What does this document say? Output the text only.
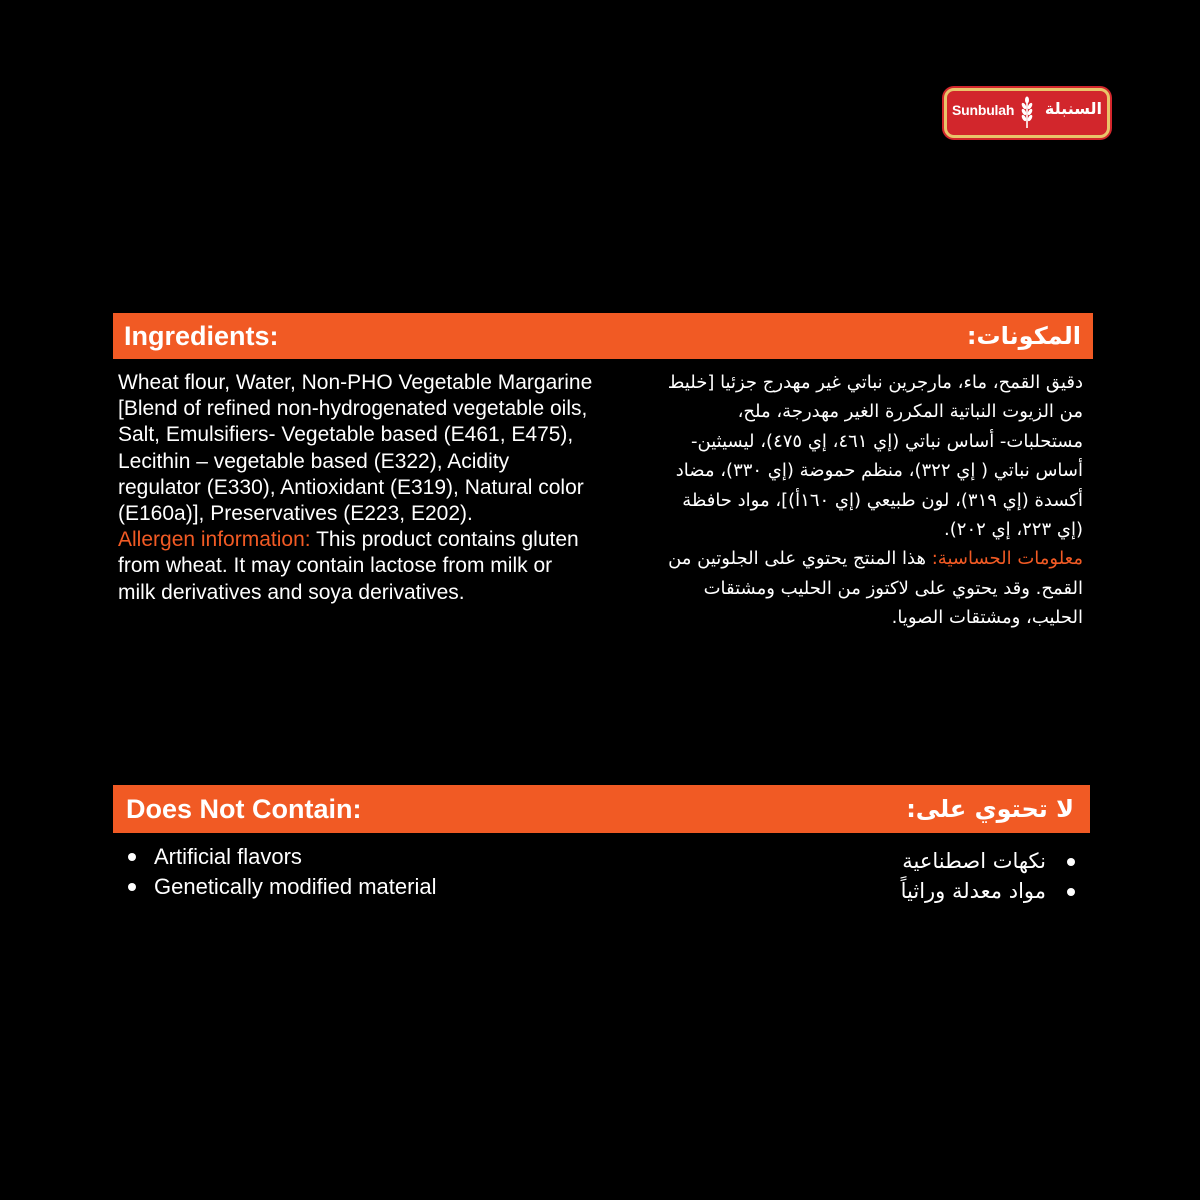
Sunbulah السنبلة
Ingredients:	المكونات:

Wheat flour, Water, Non-PHO Vegetable Margarine [Blend of refined non-hydrogenated vegetable oils, Salt, Emulsifiers- Vegetable based (E461, E475), Lecithin – vegetable based (E322), Acidity regulator (E330), Antioxidant (E319), Natural color (E160a)], Preservatives (E223, E202).

Allergen information: This product contains gluten from wheat. It may contain lactose from milk or milk derivatives and soya derivatives.

دقيق القمح، ماء، مارجرين نباتي غير مهدرج جزئيا [خليط من الزيوت النباتية المكررة الغير مهدرجة، ملح، مستحلبات- أساس نباتي (إي ٤٦١، إي ٤٧٥)، ليسيثين- أساس نباتي ( إي ٣٢٢)، منظم حموضة (إي ٣٣٠)، مضاد أكسدة (إي ٣١٩)، لون طبيعي (إي ١٦٠أ)]، مواد حافظة (إي ٢٢٣، إي ٢٠٢).

معلومات الحساسية: هذا المنتج يحتوي على الجلوتين من القمح. وقد يحتوي على لاكتوز من الحليب ومشتقات الحليب، ومشتقات الصويا.

Does Not Contain:	لا تحتوي على:
Artificial flavors
Genetically modified material
نكهات اصطناعية
مواد معدلة وراثياً
